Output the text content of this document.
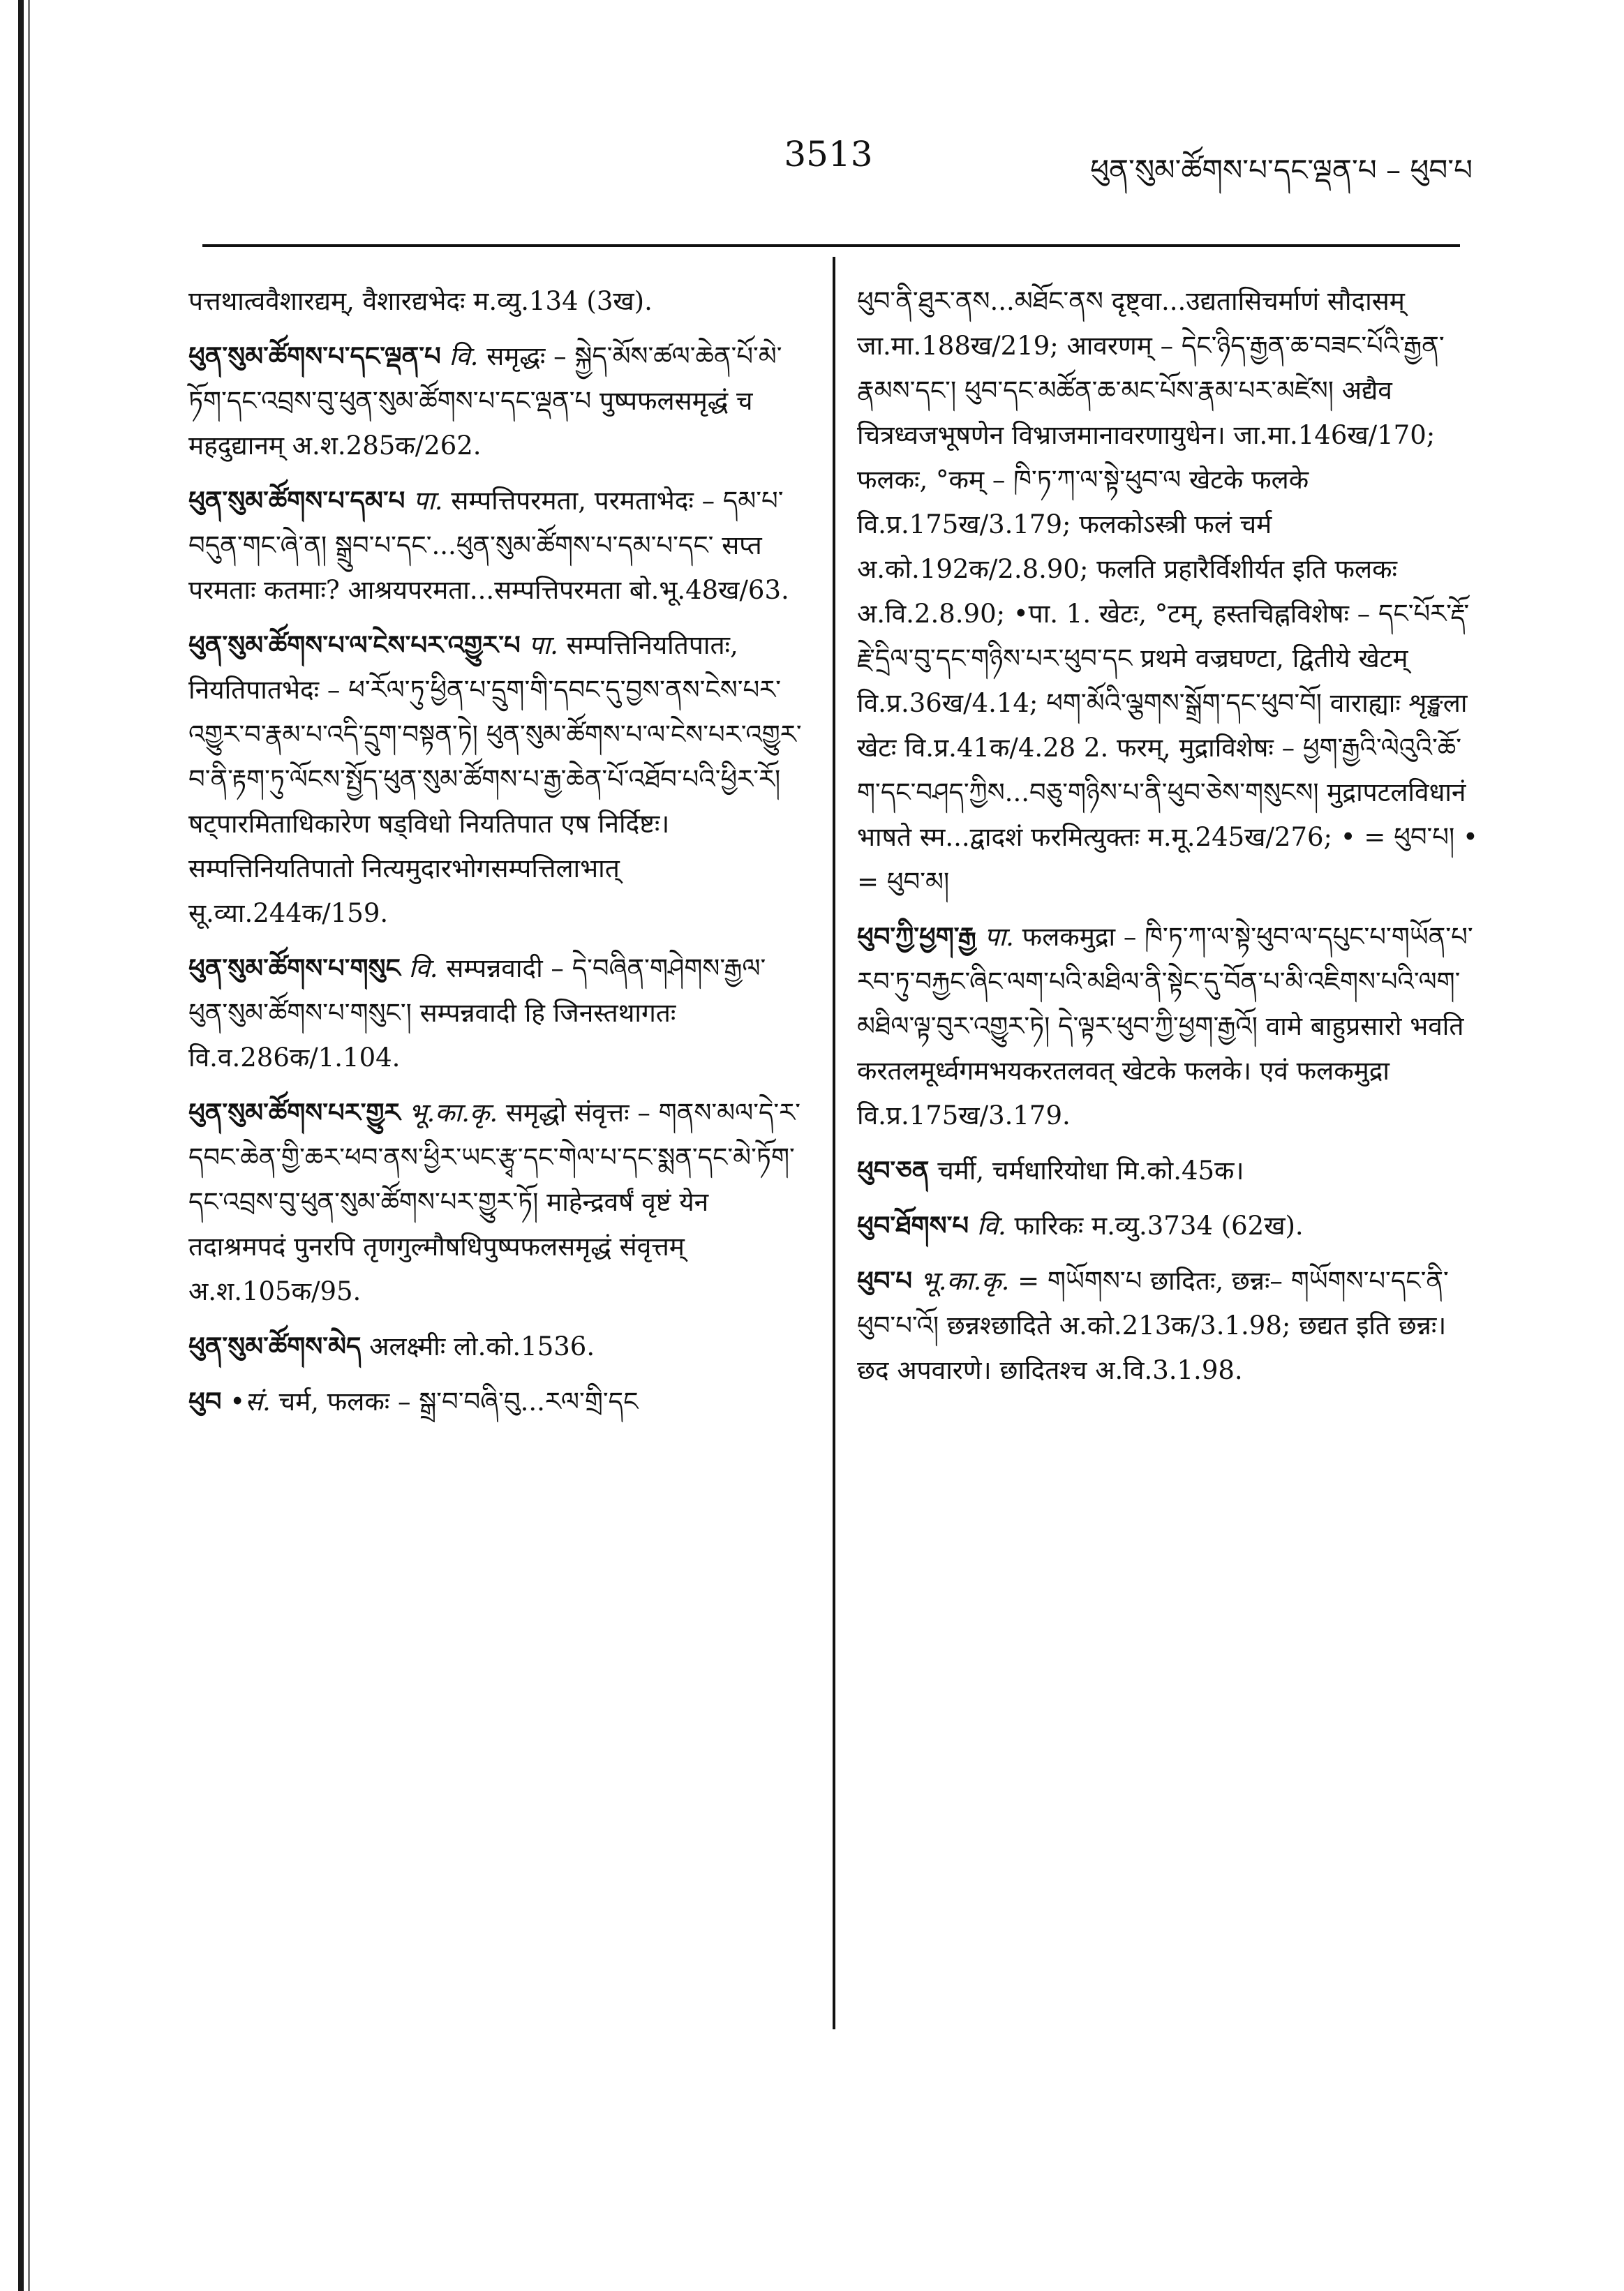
3513	ཕུན་སུམ་ཚོགས་པ་དང་ལྡན་པ – ཕུབ་པ

पत्तथात्ववैशारद्यम्, वैशारद्यभेदः म.व्यु.134 (3ख).

ཕུན་སུམ་ཚོགས་པ་དང་ལྡན་པ वि. समृद्धः – སྐྱེད་མོས་ཚལ་ཆེན་པོ་མེ་ཏོག་དང་འབྲས་བུ་ཕུན་སུམ་ཚོགས་པ་དང་ལྡན་པ पुष्पफलसमृद्धं च महदुद्यानम् अ.श.285क/262.

ཕུན་སུམ་ཚོགས་པ་དམ་པ पा. सम्पत्तिपरमता, परमताभेदः – དམ་པ་བདུན་གང་ཞེ་ན། སྒྲུབ་པ་དང་...ཕུན་སུམ་ཚོགས་པ་དམ་པ་དང་ सप्त परमताः कतमाः? आश्रयपरमता...सम्पत्तिपरमता बो.भू.48ख/63.

ཕུན་སུམ་ཚོགས་པ་ལ་ངེས་པར་འགྱུར་པ पा. सम्पत्तिनियतिपातः, नियतिपातभेदः – ཕ་རོལ་ཏུ་ཕྱིན་པ་དྲུག་གི་དབང་དུ་བྱས་ནས་ངེས་པར་འགྱུར་བ་རྣམ་པ་འདི་དྲུག་བསྟན་ཏེ། ཕུན་སུམ་ཚོགས་པ་ལ་ངེས་པར་འགྱུར་བ་ནི་རྟག་ཏུ་ལོངས་སྤྱོད་ཕུན་སུམ་ཚོགས་པ་རྒྱ་ཆེན་པོ་འཐོབ་པའི་ཕྱིར་རོ། षट्पारमिताधिकारेण षड्विधो नियतिपात एष निर्दिष्टः। सम्पत्तिनियतिपातो नित्यमुदारभोगसम्पत्तिलाभात् सू.व्या.244क/159.

ཕུན་སུམ་ཚོགས་པ་གསུང वि. सम्पन्नवादी – དེ་བཞིན་གཤེགས་རྒྱལ་ཕུན་སུམ་ཚོགས་པ་གསུང་། सम्पन्नवादी हि जिनस्तथागतः वि.व.286क/1.104.

ཕུན་སུམ་ཚོགས་པར་གྱུར भू.का.कृ. समृद्धो संवृत्तः – གནས་མལ་དེ་ར་དབང་ཆེན་གྱི་ཆར་ཕབ་ནས་ཕྱིར་ཡང་རྩྭ་དང་གེལ་པ་དང་སྨན་དང་མེ་ཏོག་དང་འབྲས་བུ་ཕུན་སུམ་ཚོགས་པར་གྱུར་ཏོ། माहेन्द्रवर्षं वृष्टं येन तदाश्रमपदं पुनरपि तृणगुल्मौषधिपुष्पफलसमृद्धं संवृत्तम् अ.श.105क/95.

ཕུན་སུམ་ཚོགས་མེད अलक्ष्मीः लो.को.1536.

ཕུབ •सं. चर्म, फलकः – སྒྲ་བ་བཞི་བུ...རལ་གྲི་དང

ཕུབ་ནི་ཐུར་ནས...མཐོང་ནས दृष्ट्वा...उद्यतासिचर्माणं सौदासम् जा.मा.188ख/219; आवरणम् – དེང་ཉིད་རྒྱན་ཆ་བཟང་པོའི་རྒྱན་རྣམས་དང་། ཕུབ་དང་མཚོན་ཆ་མང་པོས་རྣམ་པར་མཛེས། अद्यैव चित्रध्वजभूषणेन विभ्राजमानावरणायुधेन। जा.मा.146ख/170; फलकः, °कम् – ཁི་ཏ་ཀ་ལ་སྟེ་ཕུབ་ལ खेटके फलके वि.प्र.175ख/3.179; फलकोऽस्त्री फलं चर्म अ.को.192क/2.8.90; फलति प्रहारैर्विशीर्यत इति फलकः अ.वि.2.8.90; •पा. 1. खेटः, °टम्, हस्तचिह्नविशेषः – དང་པོར་རྡོ་རྗེ་དྲིལ་བུ་དང་གཉིས་པར་ཕུབ་དང प्रथमे वज्रघण्टा, द्वितीये खेटम् वि.प्र.36ख/4.14; ཕག་མོའི་ལྕགས་སྒྲོག་དང་ཕུབ་བོ། वाराह्याः शृङ्खला खेटः वि.प्र.41क/4.28 2. फरम्, मुद्राविशेषः – ཕྱག་རྒྱའི་ལེའུའི་ཆོ་ག་དང་བཤད་ཀྱིས...བཅུ་གཉིས་པ་ནི་ཕུབ་ཅེས་གསུངས། मुद्रापटलविधानं भाषते स्म...द्वादशं फरमित्युक्तः म.मू.245ख/276; • = ཕུབ་པ། • = ཕུབ་མ།

ཕུབ་ཀྱི་ཕྱག་རྒྱ पा. फलकमुद्रा – ཁི་ཏ་ཀ་ལ་སྟེ་ཕུབ་ལ་དཔུང་པ་གཡོན་པ་རབ་ཏུ་བརྐྱང་ཞིང་ལག་པའི་མཐིལ་ནི་སྟེང་དུ་བོན་པ་མི་འཇིགས་པའི་ལག་མཐིལ་ལྟ་བུར་འགྱུར་ཏེ། དེ་ལྟར་ཕུབ་ཀྱི་ཕྱག་རྒྱའོ། वामे बाहुप्रसारो भवति करतलमूर्ध्वगमभयकरतलवत् खेटके फलके। एवं फलकमुद्रा वि.प्र.175ख/3.179.

ཕུབ་ཅན चर्मी, चर्मधारियोधा मि.को.45क।

ཕུབ་ཐོགས་པ वि. फारिकः म.व्यु.3734 (62ख).

ཕུབ་པ भू.का.कृ. = གཡོགས་པ छादितः, छन्नः– གཡོགས་པ་དང་ནི་ཕུབ་པ་འོ། छन्नश्छादिते अ.को.213क/3.1.98; छद्यत इति छन्नः। छद अपवारणे। छादितश्च अ.वि.3.1.98.
